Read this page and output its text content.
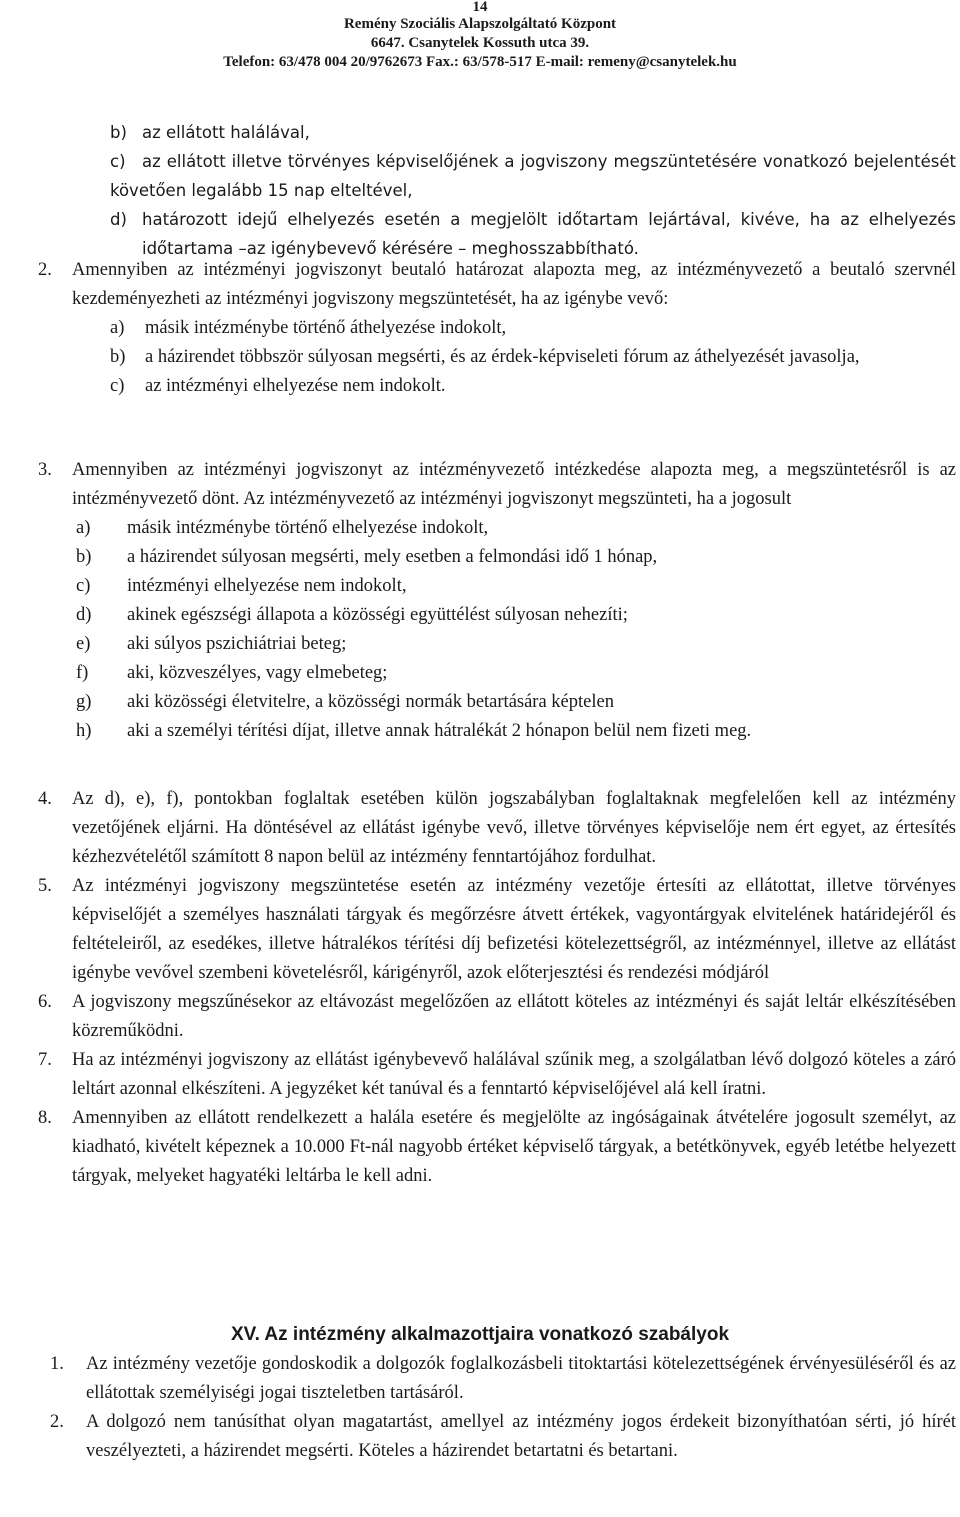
14
Remény Szociális Alapszolgáltató Központ
6647. Csanytelek Kossuth utca 39.
Telefon: 63/478 004 20/9762673 Fax.: 63/578-517 E-mail: remeny@csanytelek.hu
b) az ellátott halálával,
c) az ellátott illetve törvényes képviselőjének a jogviszony megszüntetésére vonatkozó bejelentését követően legalább 15 nap elteltével,
d) határozott idejű elhelyezés esetén a megjelölt időtartam lejártával, kivéve, ha az elhelyezés időtartama –az igénybevevő kérésére – meghosszabbítható.
2.	Amennyiben az intézményi jogviszonyt beutaló határozat alapozta meg, az intézményvezető a beutaló szervnél kezdeményezheti az intézményi jogviszony megszüntetését, ha az igénybe vevő:
a)	másik intézménybe történő áthelyezése indokolt,
b)	a házirendet többször súlyosan megsérti, és az érdek-képviseleti fórum az áthelyezését javasolja,
c)	az intézményi elhelyezése nem indokolt.
3.	Amennyiben az intézményi jogviszonyt az intézményvezető intézkedése alapozta meg, a megszüntetésről is az intézményvezető dönt. Az intézményvezető az intézményi jogviszonyt megszünteti, ha a jogosult
a)	másik intézménybe történő elhelyezése indokolt,
b)	a házirendet súlyosan megsérti, mely esetben a felmondási idő 1 hónap,
c)	intézményi elhelyezése nem indokolt,
d)	akinek egészségi állapota a közösségi együttélést súlyosan nehezíti;
e)	aki súlyos pszichiátriai beteg;
f)	aki, közveszélyes, vagy elmebeteg;
g)	aki közösségi életvitelre, a közösségi normák betartására képtelen
h)	aki a személyi térítési díjat, illetve annak hátralékát 2 hónapon belül nem fizeti meg.
4.	Az d), e), f), pontokban foglaltak esetében külön jogszabályban foglaltaknak megfelelően kell az intézmény vezetőjének eljárni. Ha döntésével az ellátást igénybe vevő, illetve törvényes képviselője nem ért egyet, az értesítés kézhezvételétől számított 8 napon belül az intézmény fenntartójához fordulhat.
5.	Az intézményi jogviszony megszüntetése esetén az intézmény vezetője értesíti az ellátottat, illetve törvényes képviselőjét a személyes használati tárgyak és megőrzésre átvett értékek, vagyontárgyak elvitelének határidejéről és feltételeiről, az esedékes, illetve hátralékos térítési díj befizetési kötelezettségről, az intézménnyel, illetve az ellátást igénybe vevővel szembeni követelésről, kárigényről, azok előterjesztési és rendezési módjáról
6.	A jogviszony megszűnésekor az eltávozást megelőzően az ellátott köteles az intézményi és saját leltár elkészítésében közreműködni.
7.	Ha az intézményi jogviszony az ellátást igénybevevő halálával szűnik meg, a szolgálatban lévő dolgozó köteles a záró leltárt azonnal elkészíteni. A jegyzéket két tanúval és a fenntartó képviselőjével alá kell íratni.
8.	Amennyiben az ellátott rendelkezett a halála esetére és megjelölte az ingóságainak átvételére jogosult személyt, az kiadható, kivételt képeznek a 10.000 Ft-nál nagyobb értéket képviselő tárgyak, a betétkönyvek, egyéb letétbe helyezett tárgyak, melyeket hagyatéki leltárba le kell adni.
XV. Az intézmény alkalmazottjaira vonatkozó szabályok
1.	Az intézmény vezetője gondoskodik a dolgozók foglalkozásbeli titoktartási kötelezettségének érvényesüléséről és az ellátottak személyiségi jogai tiszteletben tartásáról.
2.	A dolgozó nem tanúsíthat olyan magatartást, amellyel az intézmény jogos érdekeit bizonyíthatóan sérti, jó hírét veszélyezteti, a házirendet megsérti. Köteles a házirendet betartatni és betartani.
